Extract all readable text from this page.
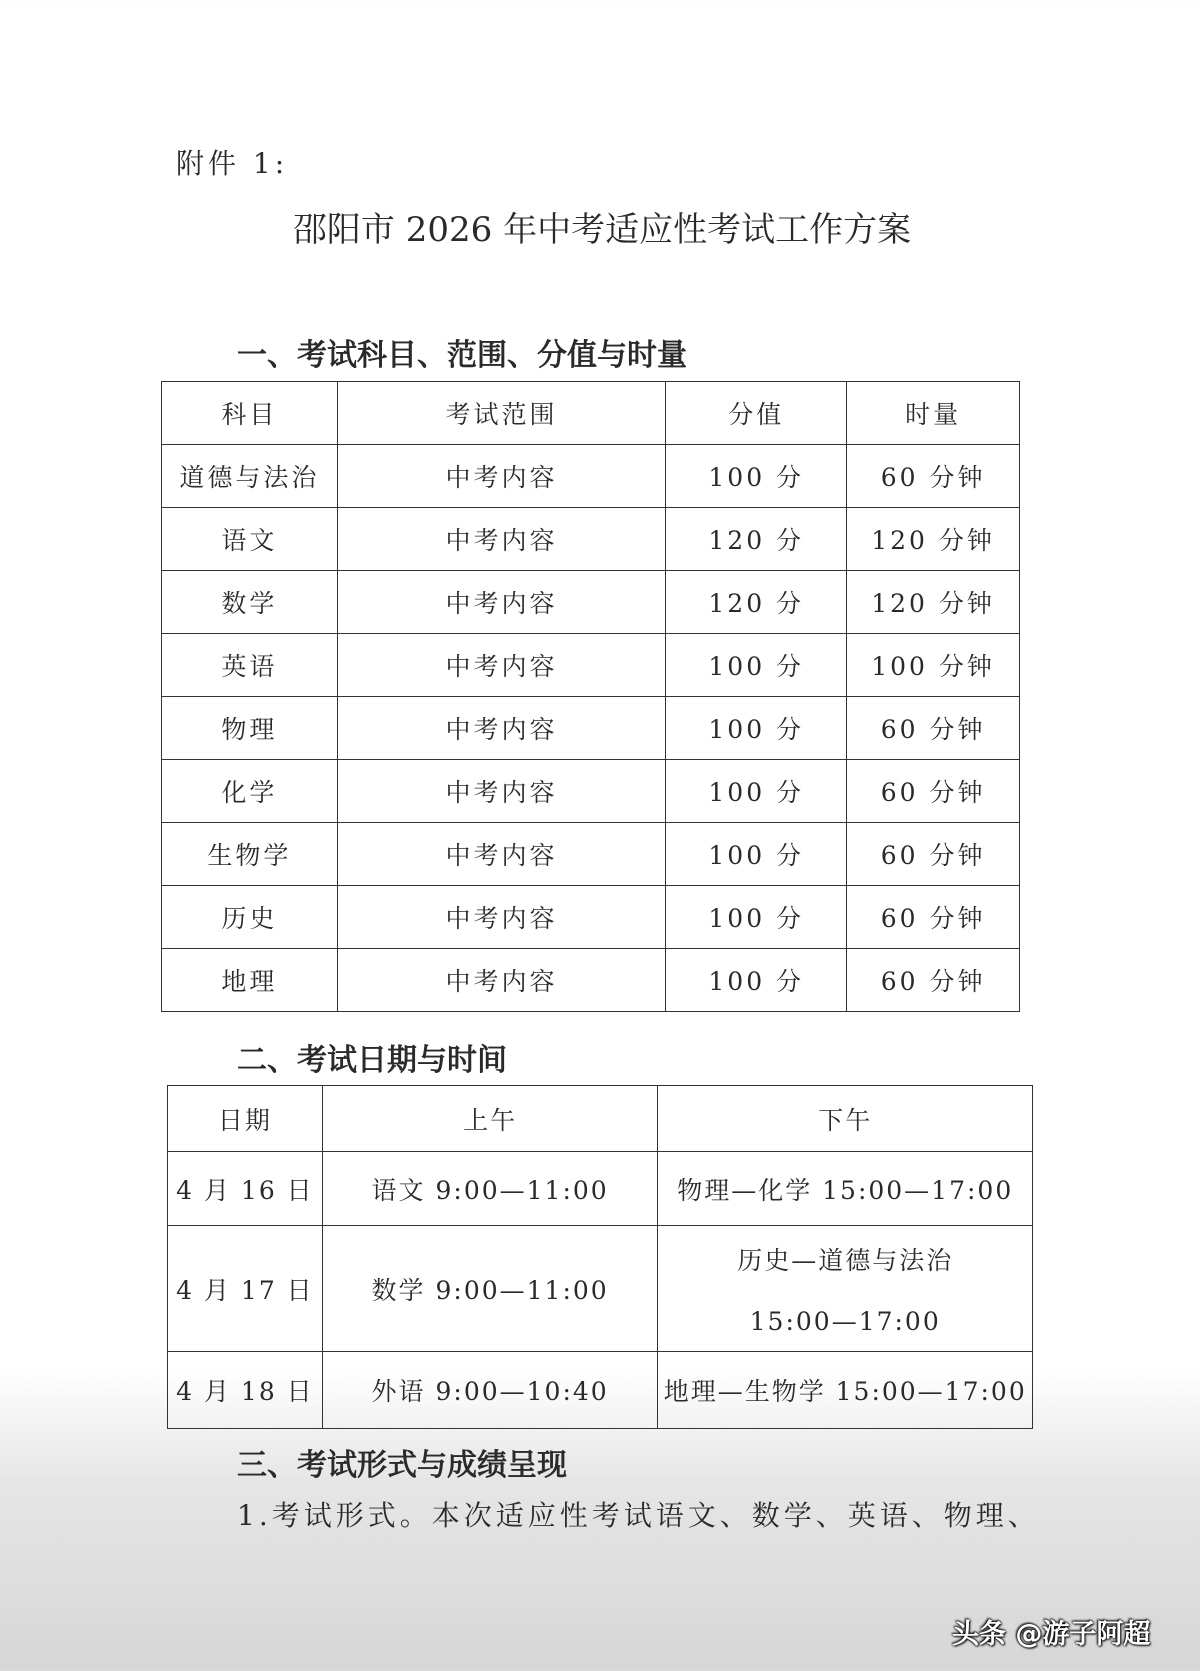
附件 1:
邵阳市 2026 年中考适应性考试工作方案
一、考试科目、范围、分值与时量
科目	考试范围	分值	时量
道德与法治	中考内容	100 分	60 分钟
语文	中考内容	120 分	120 分钟
数学	中考内容	120 分	120 分钟
英语	中考内容	100 分	100 分钟
物理	中考内容	100 分	60 分钟
化学	中考内容	100 分	60 分钟
生物学	中考内容	100 分	60 分钟
历史	中考内容	100 分	60 分钟
地理	中考内容	100 分	60 分钟
二、考试日期与时间
日期	上午	下午
4 月 16 日	语文 9:00—11:00	物理—化学 15:00—17:00

4 月 17 日	数学 9:00—11:00	历史—道德与法治
15:00—17:00

4 月 18 日	外语 9:00—10:40	地理—生物学 15:00—17:00
三、考试形式与成绩呈现
1.考试形式。本次适应性考试语文、数学、英语、物理、
头条 @游子阿超
